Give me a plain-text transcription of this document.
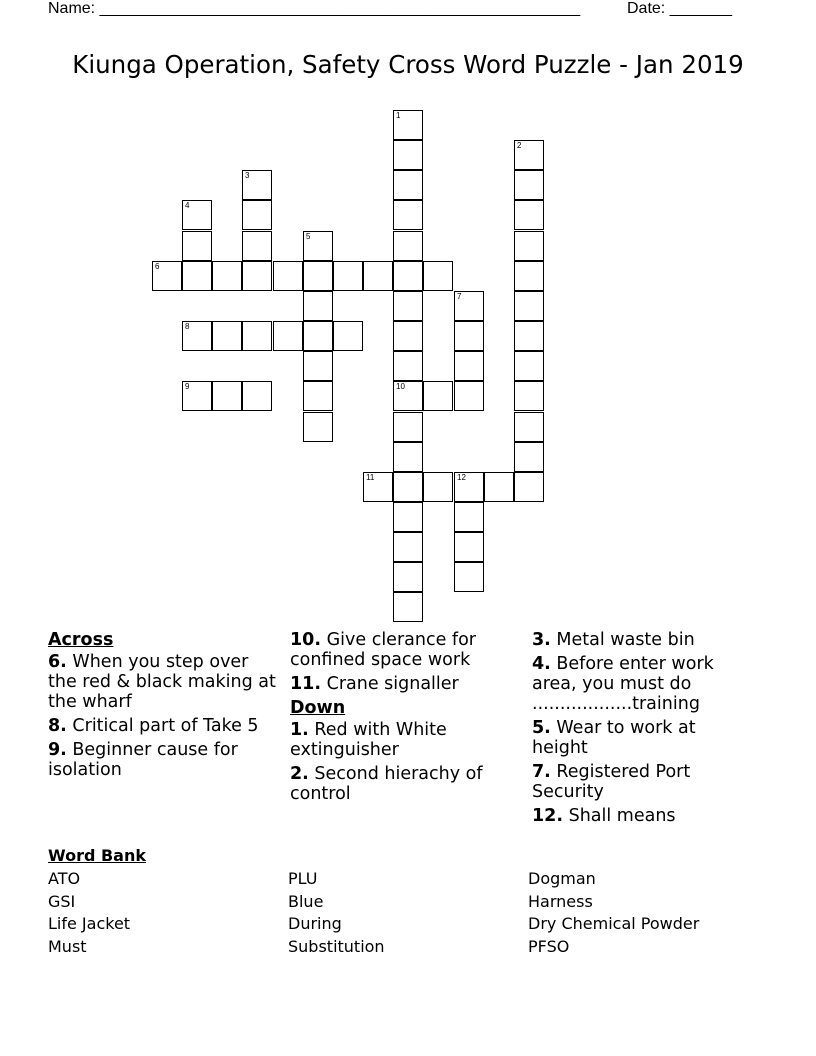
Name: ______________________________________________________	Date: _______
Kiunga Operation, Safety Cross Word Puzzle - Jan 2019
1
10
2
3
4
5
6
7
8
9
11	12
Across
6. When you step over the red & black making at the wharf
8. Critical part of Take 5
9. Beginner cause for isolation
10. Give clerance for confined space work
11. Crane signaller
Down
1. Red with White extinguisher
2. Second hierachy of control
3. Metal waste bin
4. Before enter work area, you must do ..................training
5. Wear to work at height
7. Registered Port Security
12. Shall means
Word Bank
ATO
GSI
Life Jacket
Must
PLU
Blue
During
Substitution
Dogman
Harness
Dry Chemical Powder
PFSO
